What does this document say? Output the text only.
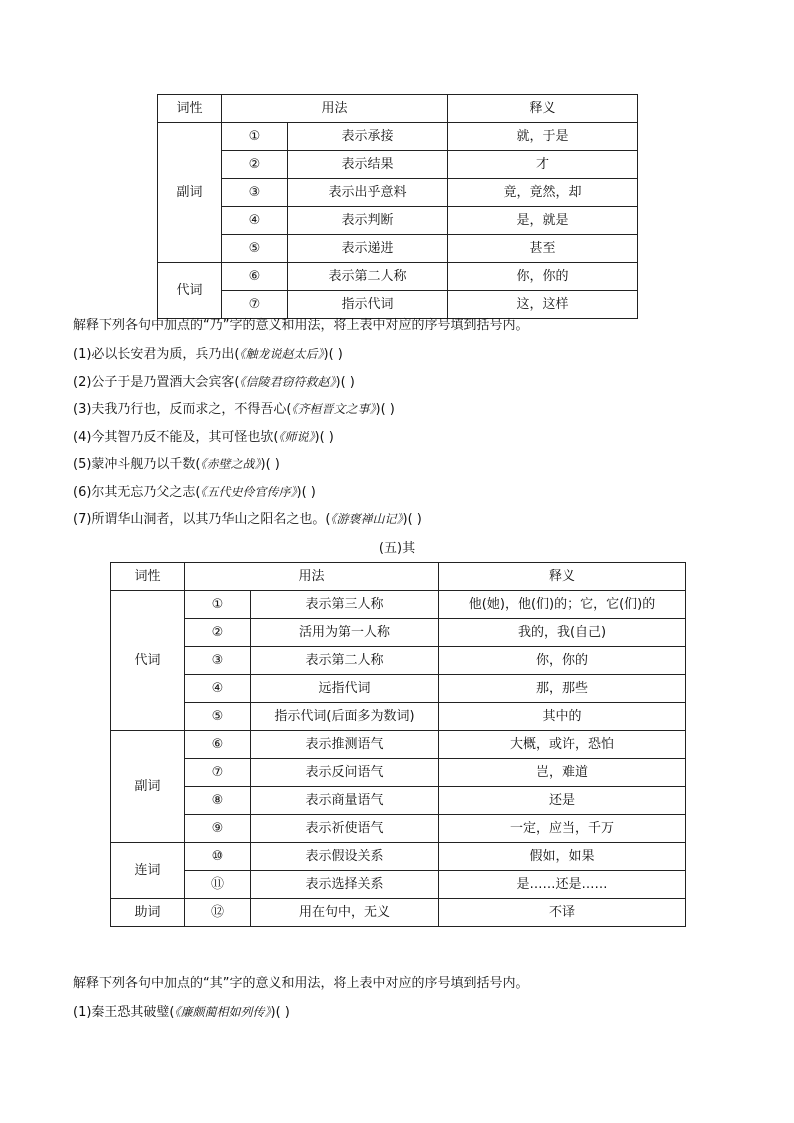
词性	用法		释义
副词	①	表示承接	就，于是
	②	表示结果	才
	③	表示出乎意料	竟，竟然，却
	④	表示判断	是，就是
	⑤	表示递进	甚至
代词	⑥	表示第二人称	你，你的
	⑦	指示代词	这，这样
解释下列各句中加点的“乃”字的意义和用法，将上表中对应的序号填到括号内。
(1)必以长安君为质，兵乃出(《触龙说赵太后》)( )
(2)公子于是乃置酒大会宾客(《信陵君窃符救赵》)( )
(3)夫我乃行也，反而求之，不得吾心(《齐桓晋文之事》)( )
(4)今其智乃反不能及，其可怪也欤(《师说》)( )
(5)蒙冲斗舰乃以千数(《赤壁之战》)( )
(6)尔其无忘乃父之志(《五代史伶官传序》)( )
(7)所谓华山洞者，以其乃华山之阳名之也。(《游褒禅山记》)( )
(五)其
词性	用法		释义
代词	①	表示第三人称	他(她)，他(们)的；它，它(们)的
	②	活用为第一人称	我的，我(自己)
	③	表示第二人称	你，你的
	④	远指代词	那，那些
	⑤	指示代词(后面多为数词)	其中的
副词	⑥	表示推测语气	大概，或许，恐怕
	⑦	表示反问语气	岂，难道
	⑧	表示商量语气	还是
	⑨	表示祈使语气	一定，应当，千万
连词	⑩	表示假设关系	假如，如果
	⑪	表示选择关系	是……还是……
助词	⑫	用在句中，无义	不译
解释下列各句中加点的“其”字的意义和用法，将上表中对应的序号填到括号内。
(1)秦王恐其破璧(《廉颇蔺相如列传》)( )
